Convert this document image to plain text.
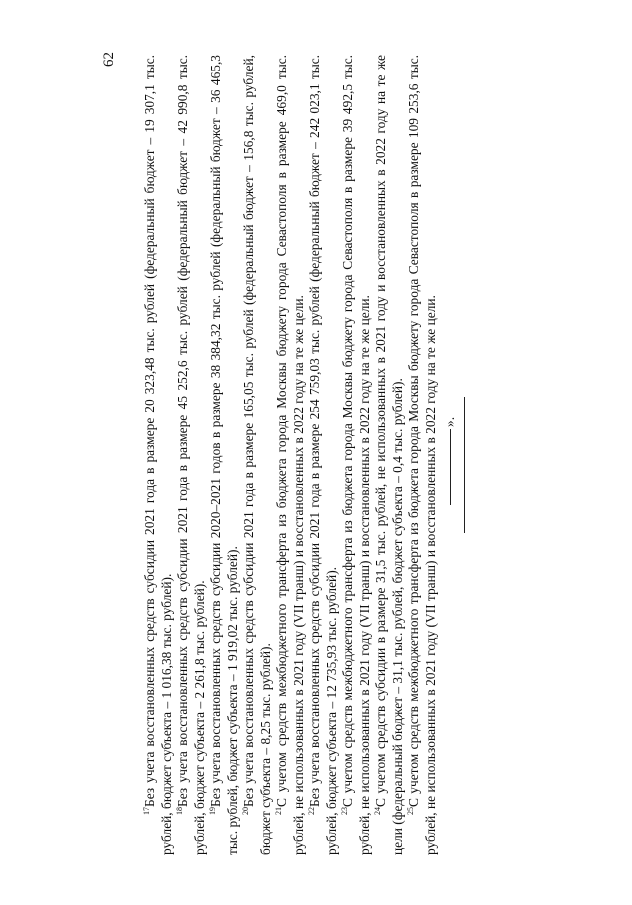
62

$^{17}$Без учета восстановленных средств субсидии 2021 года в размере 20 323,48 тыс. рублей (федеральный бюджет – 19 307,1 тыс. рублей, бюджет субъекта – 1 016,38 тыс. рублей). $^{18}$Без учета восстановленных средств субсидии 2021 года в размере 45 252,6 тыс. рублей (федеральный бюджет – 42 990,8 тыс. рублей, бюджет субъекта – 2 261,8 тыс. рублей). $^{19}$Без учета восстановленных средств субсидии 2020–2021 годов в размере 38 384,32 тыс. рублей (федеральный бюджет – 36 465,3 тыс. рублей, бюджет субъекта – 1 919,02 тыс. рублей). $^{20}$Без учета восстановленных средств субсидии 2021 года в размере 165,05 тыс. рублей (федеральный бюджет – 156,8 тыс. рублей, бюджет субъекта – 8,25 тыс. рублей). $^{21}$С учетом средств межбюджетного трансферта из бюджета города Москвы бюджету города Севастополя в размере 469,0 тыс. рублей, не использованных в 2021 году (VII транш) и восстановленных в 2022 году на те же цели. $^{22}$Без учета восстановленных средств субсидии 2021 года в размере 254 759,03 тыс. рублей (федеральный бюджет – 242 023,1 тыс. рублей, бюджет субъекта – 12 735,93 тыс. рублей). $^{23}$С учетом средств межбюджетного трансферта из бюджета города Москвы бюджету города Севастополя в размере 39 492,5 тыс. рублей, не использованных в 2021 году (VII транш) и восстановленных в 2022 году на те же цели. $^{24}$С учетом средств субсидии в размере 31,5 тыс. рублей, не использованных в 2021 году и восстановленных в 2022 году на те же цели (федеральный бюджет – 31,1 тыс. рублей, бюджет субъекта – 0,4 тыс. рублей). $^{25}$С учетом средств межбюджетного трансферта из бюджета города Москвы бюджету города Севастополя в размере 109 253,6 тыс. рублей, не использованных в 2021 году (VII транш) и восстановленных в 2022 году на те же цели. ».
